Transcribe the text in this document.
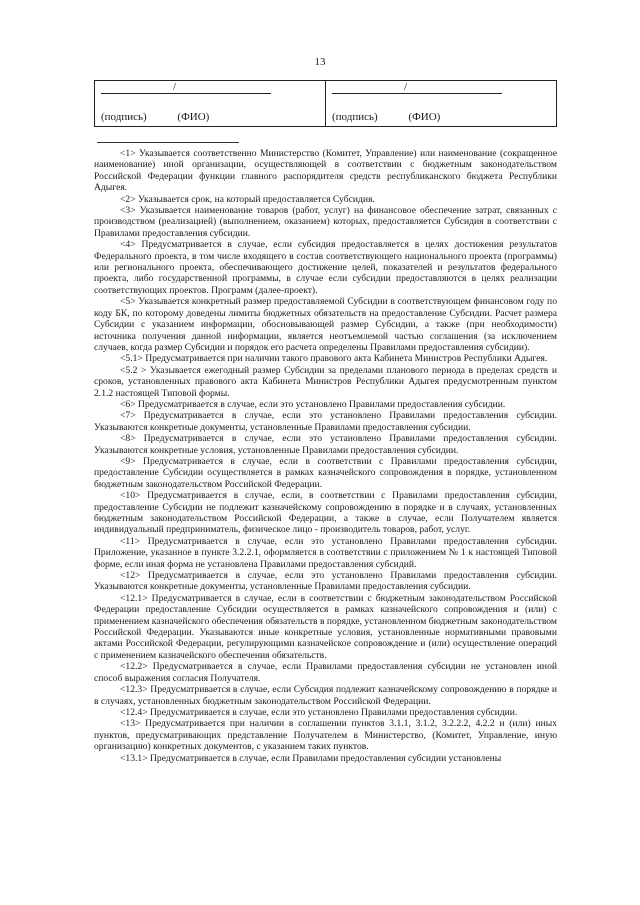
13
/
(подпись)	(ФИО)

/
(подпись)	(ФИО)

<1> Указывается соответственно Министерство (Комитет, Управление) или наименование (сокращенное наименование) иной организации, осуществляющей в соответствии с бюджетным законодательством Российской Федерации функции главного распорядителя средств республиканского бюджета Республики Адыгея.

<2> Указывается срок, на который предоставляется Субсидия.

<3> Указывается наименование товаров (работ, услуг) на финансовое обеспечение затрат, связанных с производством (реализацией) (выполнением, оказанием) которых, предоставляется Субсидия в соответствии с Правилами предоставления субсидии.

<4> Предусматривается в случае, если субсидия предоставляется в целях достижения результатов Федерального проекта, в том числе входящего в состав соответствующего национального проекта (программы) или регионального проекта, обеспечивающего достижение целей, показателей и результатов федерального проекта, либо государственной программы, в случае если субсидии предоставляются в целях реализации соответствующих проектов. Программ (далее-проект).

<5> Указывается конкретный размер предоставляемой Субсидии в соответствующем финансовом году по коду БК, по которому доведены лимиты бюджетных обязательств на предоставление Субсидии. Расчет размера Субсидии с указанием информации, обосновывающей размер Субсидии, а также (при необходимости) источника получения данной информации, является неотъемлемой частью соглашения (за исключением случаев, когда размер Субсидии и порядок его расчета определены Правилами предоставления субсидии).

<5.1> Предусматривается при наличии такого правового акта Кабинета Министров Республики Адыгея.

<5.2 > Указывается ежегодный размер Субсидии за пределами планового периода в пределах средств и сроков, установленных правового акта Кабинета Министров Республики Адыгея предусмотренным пунктом 2.1.2 настоящей Типовой формы.

<6> Предусматривается в случае, если это установлено Правилами предоставления субсидии.

<7> Предусматривается в случае, если это установлено Правилами предоставления субсидии. Указываются конкретные документы, установленные Правилами предоставления субсидии.

<8> Предусматривается в случае, если это установлено Правилами предоставления субсидии. Указываются конкретные условия, установленные Правилами предоставления субсидии.

<9> Предусматривается в случае, если в соответствии с Правилами предоставления субсидии, предоставление Субсидии осуществляется в рамках казначейского сопровождения в порядке, установленном бюджетным законодательством Российской Федерации.

<10> Предусматривается в случае, если, в соответствии с Правилами предоставления субсидии, предоставление Субсидии не подлежит казначейскому сопровождению в порядке и в случаях, установленных бюджетным законодательством Российской Федерации, а также в случае, если Получателем является индивидуальный предприниматель, физическое лицо - производитель товаров, работ, услуг.

<11> Предусматривается в случае, если это установлено Правилами предоставления субсидии. Приложение, указанное в пункте 3.2.2.1, оформляется в соответствии с приложением № 1 к настоящей Типовой форме, если иная форма не установлена Правилами предоставления субсидий.

<12> Предусматривается в случае, если это установлено Правилами предоставления субсидии. Указываются конкретные документы, установленные Правилами предоставления субсидии.

<12.1> Предусматривается в случае, если в соответствии с бюджетным законодательством Российской Федерации предоставление Субсидии осуществляется в рамках казначейского сопровождения и (или) с применением казначейского обеспечения обязательств в порядке, установленном бюджетным законодательством Российской Федерации. Указываются иные конкретные условия, установленные нормативными правовыми актами Российской Федерации, регулирующими казначейское сопровождение и (или) осуществление операций с применением казначейского обеспечения обязательств.

<12.2> Предусматривается в случае, если Правилами предоставления субсидии не установлен иной способ выражения согласия Получателя.

<12.3> Предусматривается в случае, если Субсидия подлежит казначейскому сопровождению в порядке и в случаях, установленных бюджетным законодательством Российской Федерации.

<12.4> Предусматривается в случае, если это установлено Правилами предоставления субсидии.

<13> Предусматривается при наличии в соглашении пунктов 3.1.1, 3.1.2, 3.2.2.2, 4.2.2 и (или) иных пунктов, предусматривающих представление Получателем в Министерство, (Комитет, Управление, иную организацию) конкретных документов, с указанием таких пунктов.

<13.1> Предусматривается в случае, если Правилами предоставления субсидии установлены
